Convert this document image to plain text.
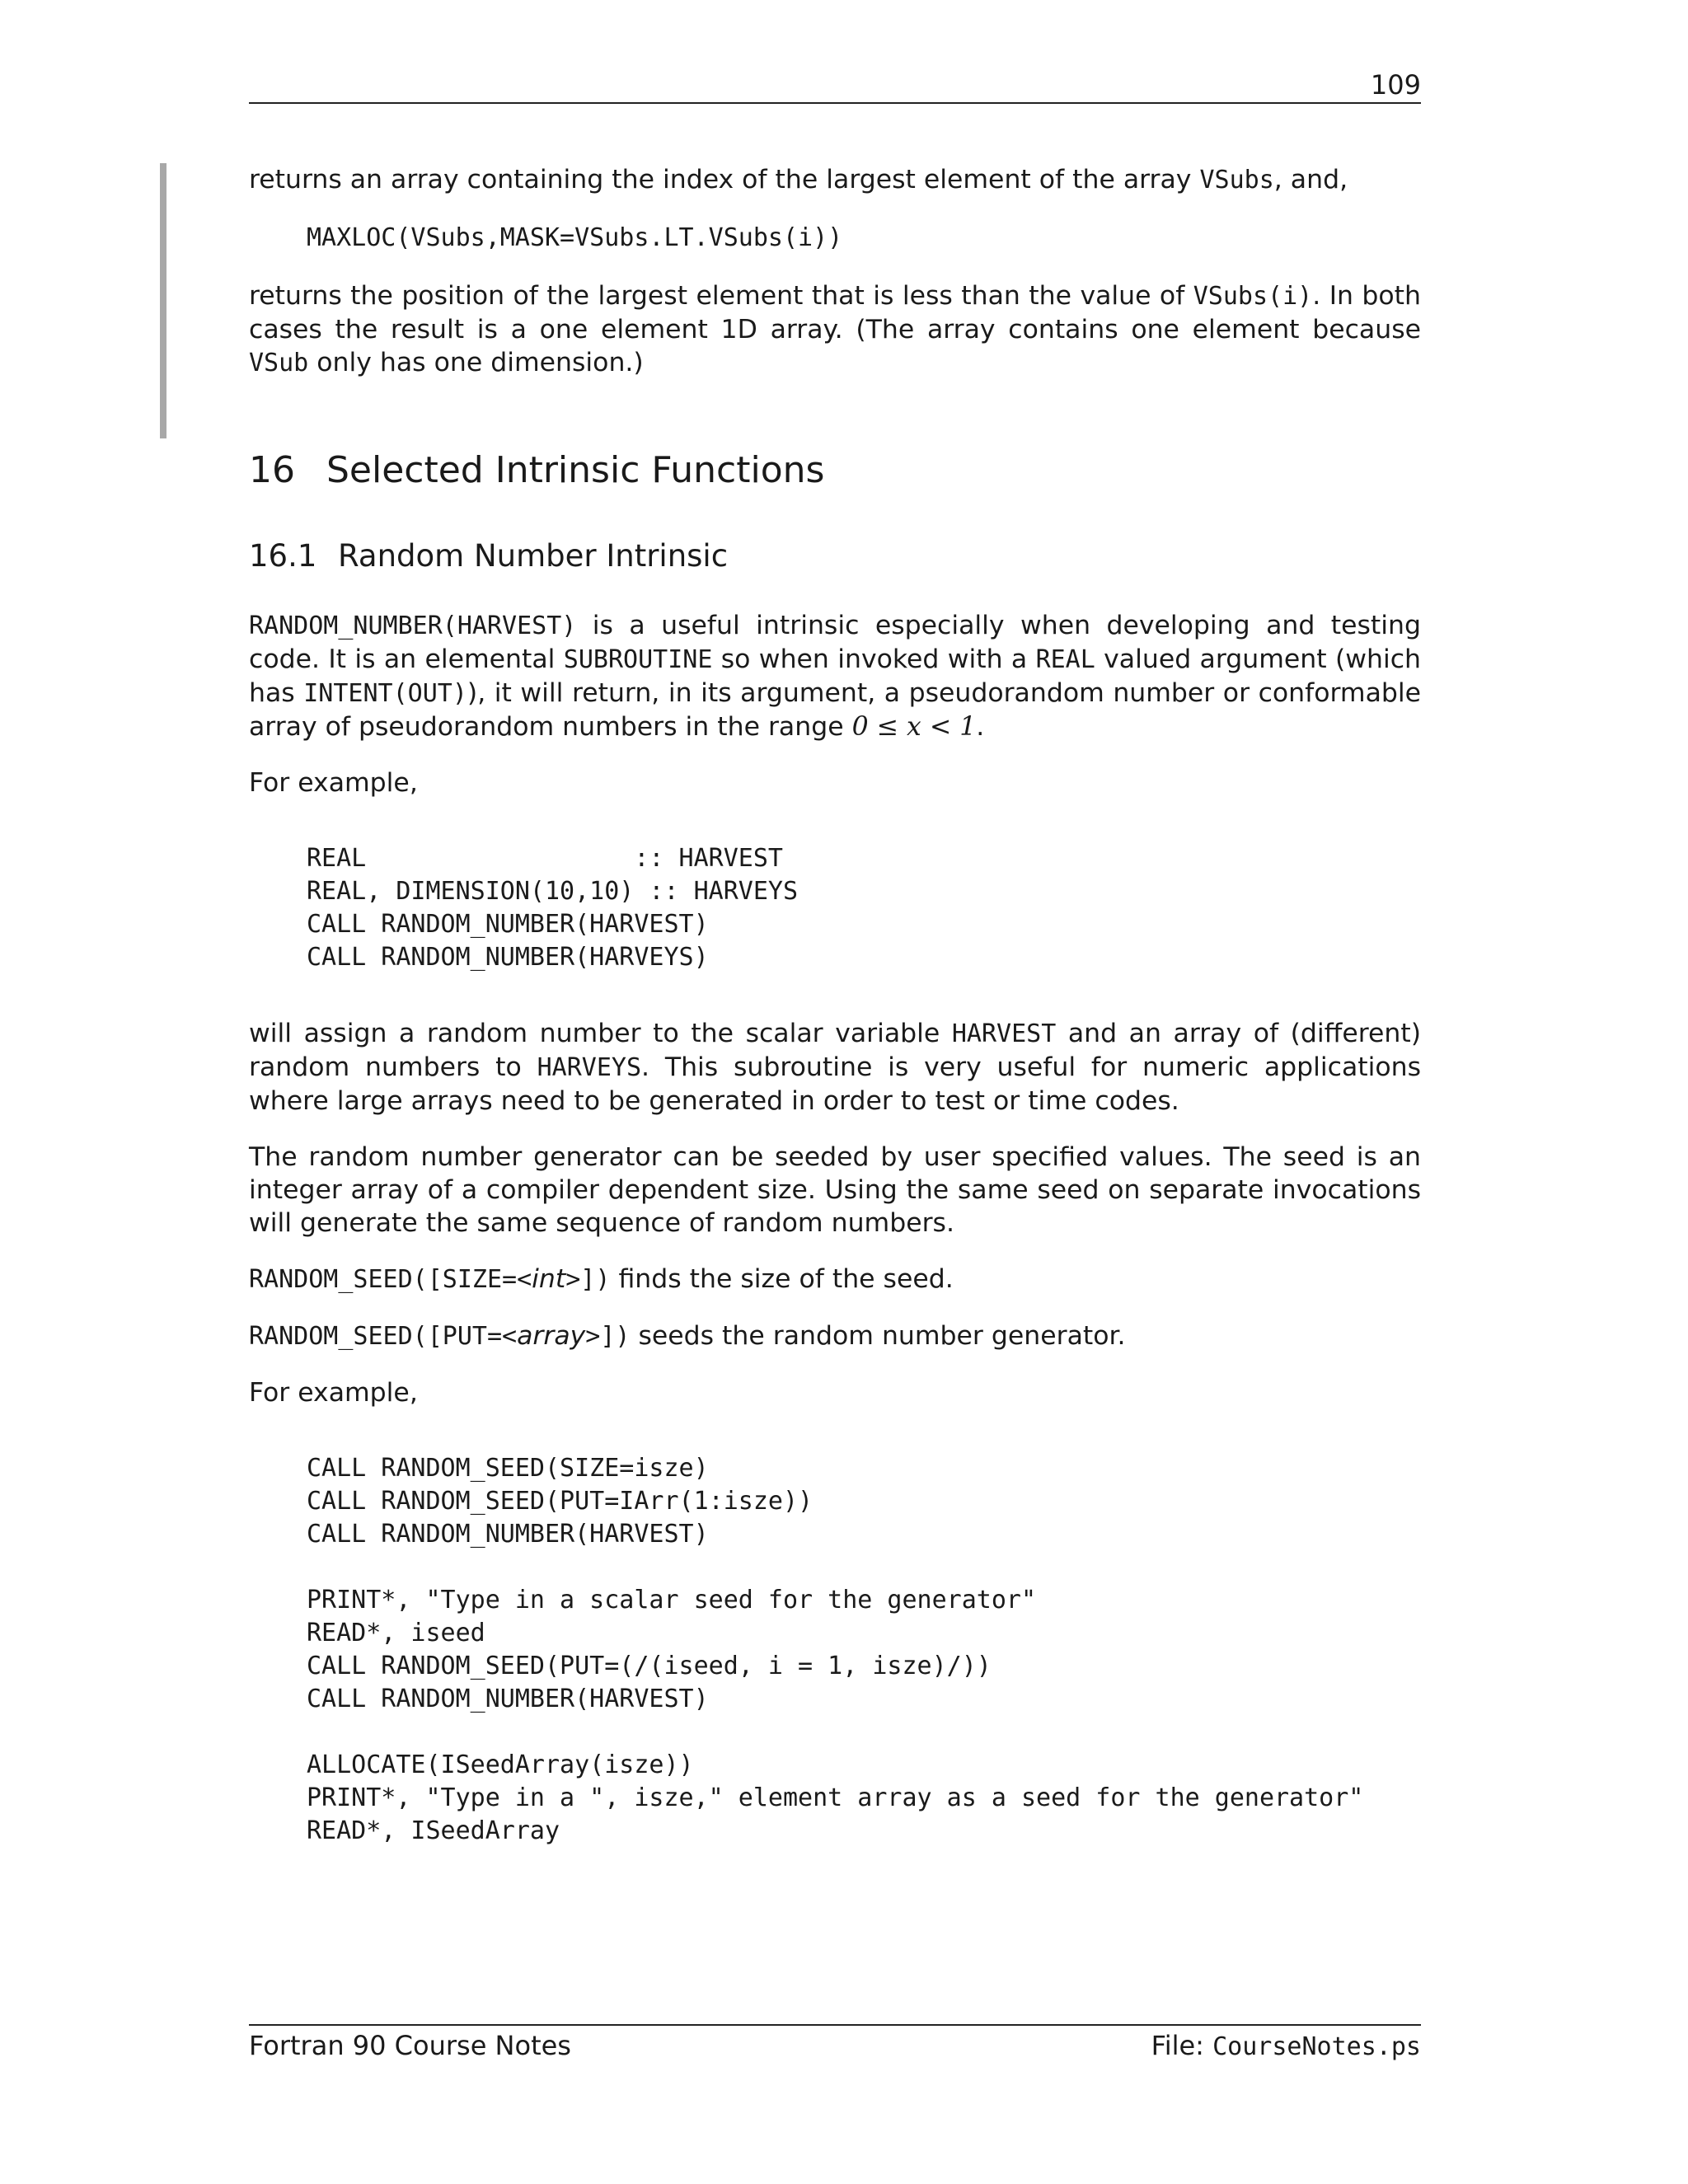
109

returns an array containing the index of the largest element of the array VSubs, and,

MAXLOC(VSubs,MASK=VSubs.LT.VSubs(i))

returns the position of the largest element that is less than the value of VSubs(i). In both cases the result is a one element 1D array. (The array contains one element because VSub only has one dimension.)

16 Selected Intrinsic Functions
16.1 Random Number Intrinsic

RANDOM_NUMBER(HARVEST) is a useful intrinsic especially when developing and testing code. It is an elemental SUBROUTINE so when invoked with a REAL valued argument (which has INTENT(OUT)), it will return, in its argument, a pseudorandom number or conformable array of pseudorandom numbers in the range 0 ≤ x < 1.

For example,

REAL                  :: HARVEST
REAL, DIMENSION(10,10) :: HARVEYS
CALL RANDOM_NUMBER(HARVEST)
CALL RANDOM_NUMBER(HARVEYS)

will assign a random number to the scalar variable HARVEST and an array of (different) random numbers to HARVEYS. This subroutine is very useful for numeric applications where large arrays need to be generated in order to test or time codes.

The random number generator can be seeded by user specified values. The seed is an integer array of a compiler dependent size. Using the same seed on separate invocations will generate the same sequence of random numbers.

RANDOM_SEED([SIZE=<int>]) finds the size of the seed.

RANDOM_SEED([PUT=<array>]) seeds the random number generator.

For example,

CALL RANDOM_SEED(SIZE=isze)
CALL RANDOM_SEED(PUT=IArr(1:isze))
CALL RANDOM_NUMBER(HARVEST)

PRINT*, "Type in a scalar seed for the generator"
READ*, iseed
CALL RANDOM_SEED(PUT=(/(iseed, i = 1, isze)/))
CALL RANDOM_NUMBER(HARVEST)

ALLOCATE(ISeedArray(isze))
PRINT*, "Type in a ", isze," element array as a seed for the generator"
READ*, ISeedArray
Fortran 90 Course Notes	File: CourseNotes.ps
